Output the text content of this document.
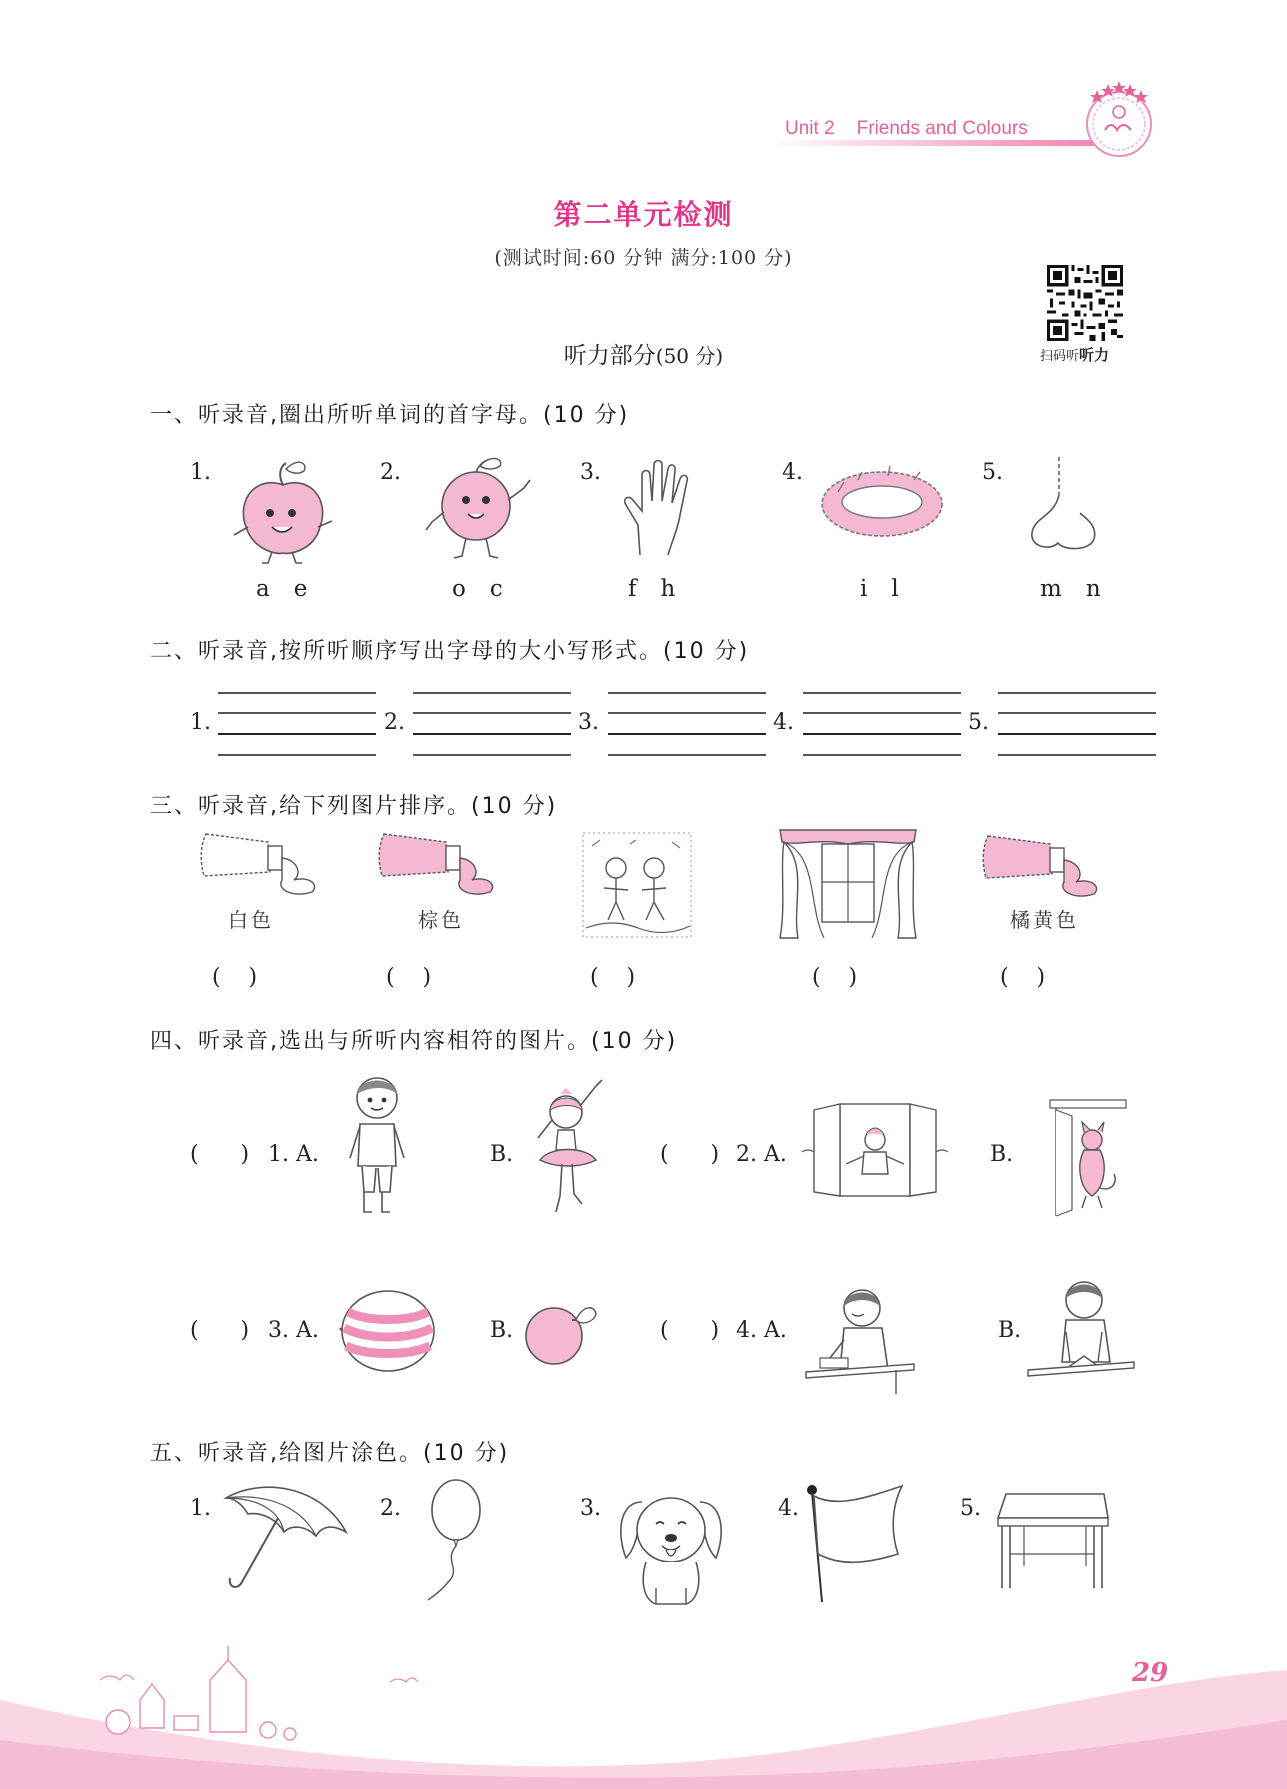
Unit 2 Friends and Colours
第二单元检测
(测试时间:60 分钟 满分:100 分)
扫码听听力
听力部分(50 分)
一、听录音,圈出所听单词的首字母。(10 分)
1.
a e
2.
o c
3.
f h
4.
i l
5.
m n
二、听录音,按所听顺序写出字母的大小写形式。(10 分)
1.	2.	3.	4.	5.
三、听录音,给下列图片排序。(10 分)
白色
(    )
棕色
(    )	(    )	(    )
橘黄色
(    )
四、听录音,选出与所听内容相符的图片。(10 分)
(      ) 1. A.	B.	(      ) 2. A.	B.
(      ) 3. A.	B.	(      ) 4. A.	B.
五、听录音,给图片涂色。(10 分)
1.	2.	3.	4.	5.
29
